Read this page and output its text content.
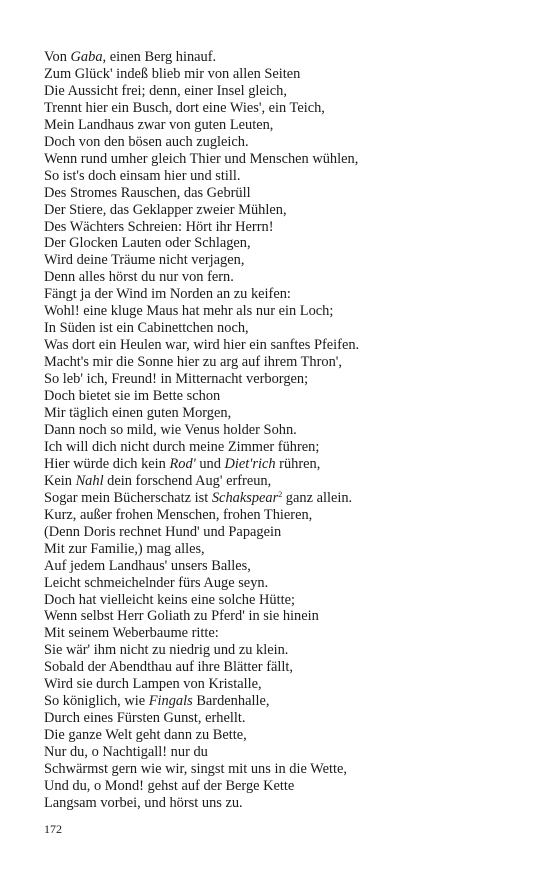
Von Gaba, einen Berg hinauf.
Zum Glück' indeß blieb mir von allen Seiten
Die Aussicht frei; denn, einer Insel gleich,
Trennt hier ein Busch, dort eine Wies', ein Teich,
Mein Landhaus zwar von guten Leuten,
Doch von den bösen auch zugleich.
Wenn rund umher gleich Thier und Menschen wühlen,
So ist's doch einsam hier und still.
Des Stromes Rauschen, das Gebrüll
Der Stiere, das Geklapper zweier Mühlen,
Des Wächters Schreien: Hört ihr Herrn!
Der Glocken Lauten oder Schlagen,
Wird deine Träume nicht verjagen,
Denn alles hörst du nur von fern.
Fängt ja der Wind im Norden an zu keifen:
Wohl! eine kluge Maus hat mehr als nur ein Loch;
In Süden ist ein Cabinettchen noch,
Was dort ein Heulen war, wird hier ein sanftes Pfeifen.
Macht's mir die Sonne hier zu arg auf ihrem Thron',
So leb' ich, Freund! in Mitternacht verborgen;
Doch bietet sie im Bette schon
Mir täglich einen guten Morgen,
Dann noch so mild, wie Venus holder Sohn.
Ich will dich nicht durch meine Zimmer führen;
Hier würde dich kein Rod' und Diet'rich rühren,
Kein Nahl dein forschend Aug' erfreun,
Sogar mein Bücherschatz ist Schakspear$^2$ ganz allein.
Kurz, außer frohen Menschen, frohen Thieren,
(Denn Doris rechnet Hund' und Papagein
Mit zur Familie,) mag alles,
Auf jedem Landhaus' unsers Balles,
Leicht schmeichelnder fürs Auge seyn.
Doch hat vielleicht keins eine solche Hütte;
Wenn selbst Herr Goliath zu Pferd' in sie hinein
Mit seinem Weberbaume ritte:
Sie wär' ihm nicht zu niedrig und zu klein.
Sobald der Abendthau auf ihre Blätter fällt,
Wird sie durch Lampen von Kristalle,
So königlich, wie Fingals Bardenhalle,
Durch eines Fürsten Gunst, erhellt.
Die ganze Welt geht dann zu Bette,
Nur du, o Nachtigall! nur du
Schwärmst gern wie wir, singst mit uns in die Wette,
Und du, o Mond! gehst auf der Berge Kette
Langsam vorbei, und hörst uns zu.
172
